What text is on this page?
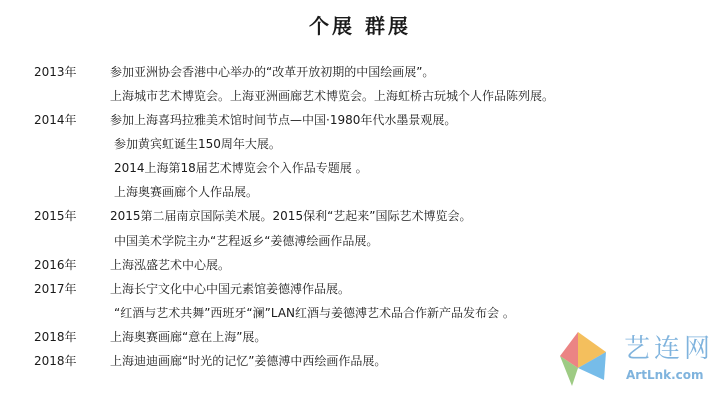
个展 群展
2013年	参加亚洲协会香港中心举办的“改革开放初期的中国绘画展”。
上海城市艺术博览会。上海亚洲画廊艺术博览会。上海虹桥古玩城个人作品陈列展。
2014年	参加上海喜玛拉雅美术馆时间节点—中国·1980年代水墨景观展。
参加黄宾虹诞生150周年大展。
2014上海第18届艺术博览会个入作品专题展 。
上海奥赛画廊个人作品展。
2015年	2015第二届南京国际美术展。2015保利“艺起来”国际艺术博览会。
中国美术学院主办“艺程返乡“姜德溥绘画作品展。
2016年	上海泓盛艺术中心展。
2017年	上海长宁文化中心中国元素馆姜德溥作品展。
“红酒与艺术共舞”西班牙“澜”LAN红酒与姜德溥艺术品合作新产品发布会 。
2018年	上海奥赛画廊“意在上海”展。
2018年	上海迪迪画廊“时光的记忆”姜德溥中西绘画作品展。	艺连网
ArtLnk.com
